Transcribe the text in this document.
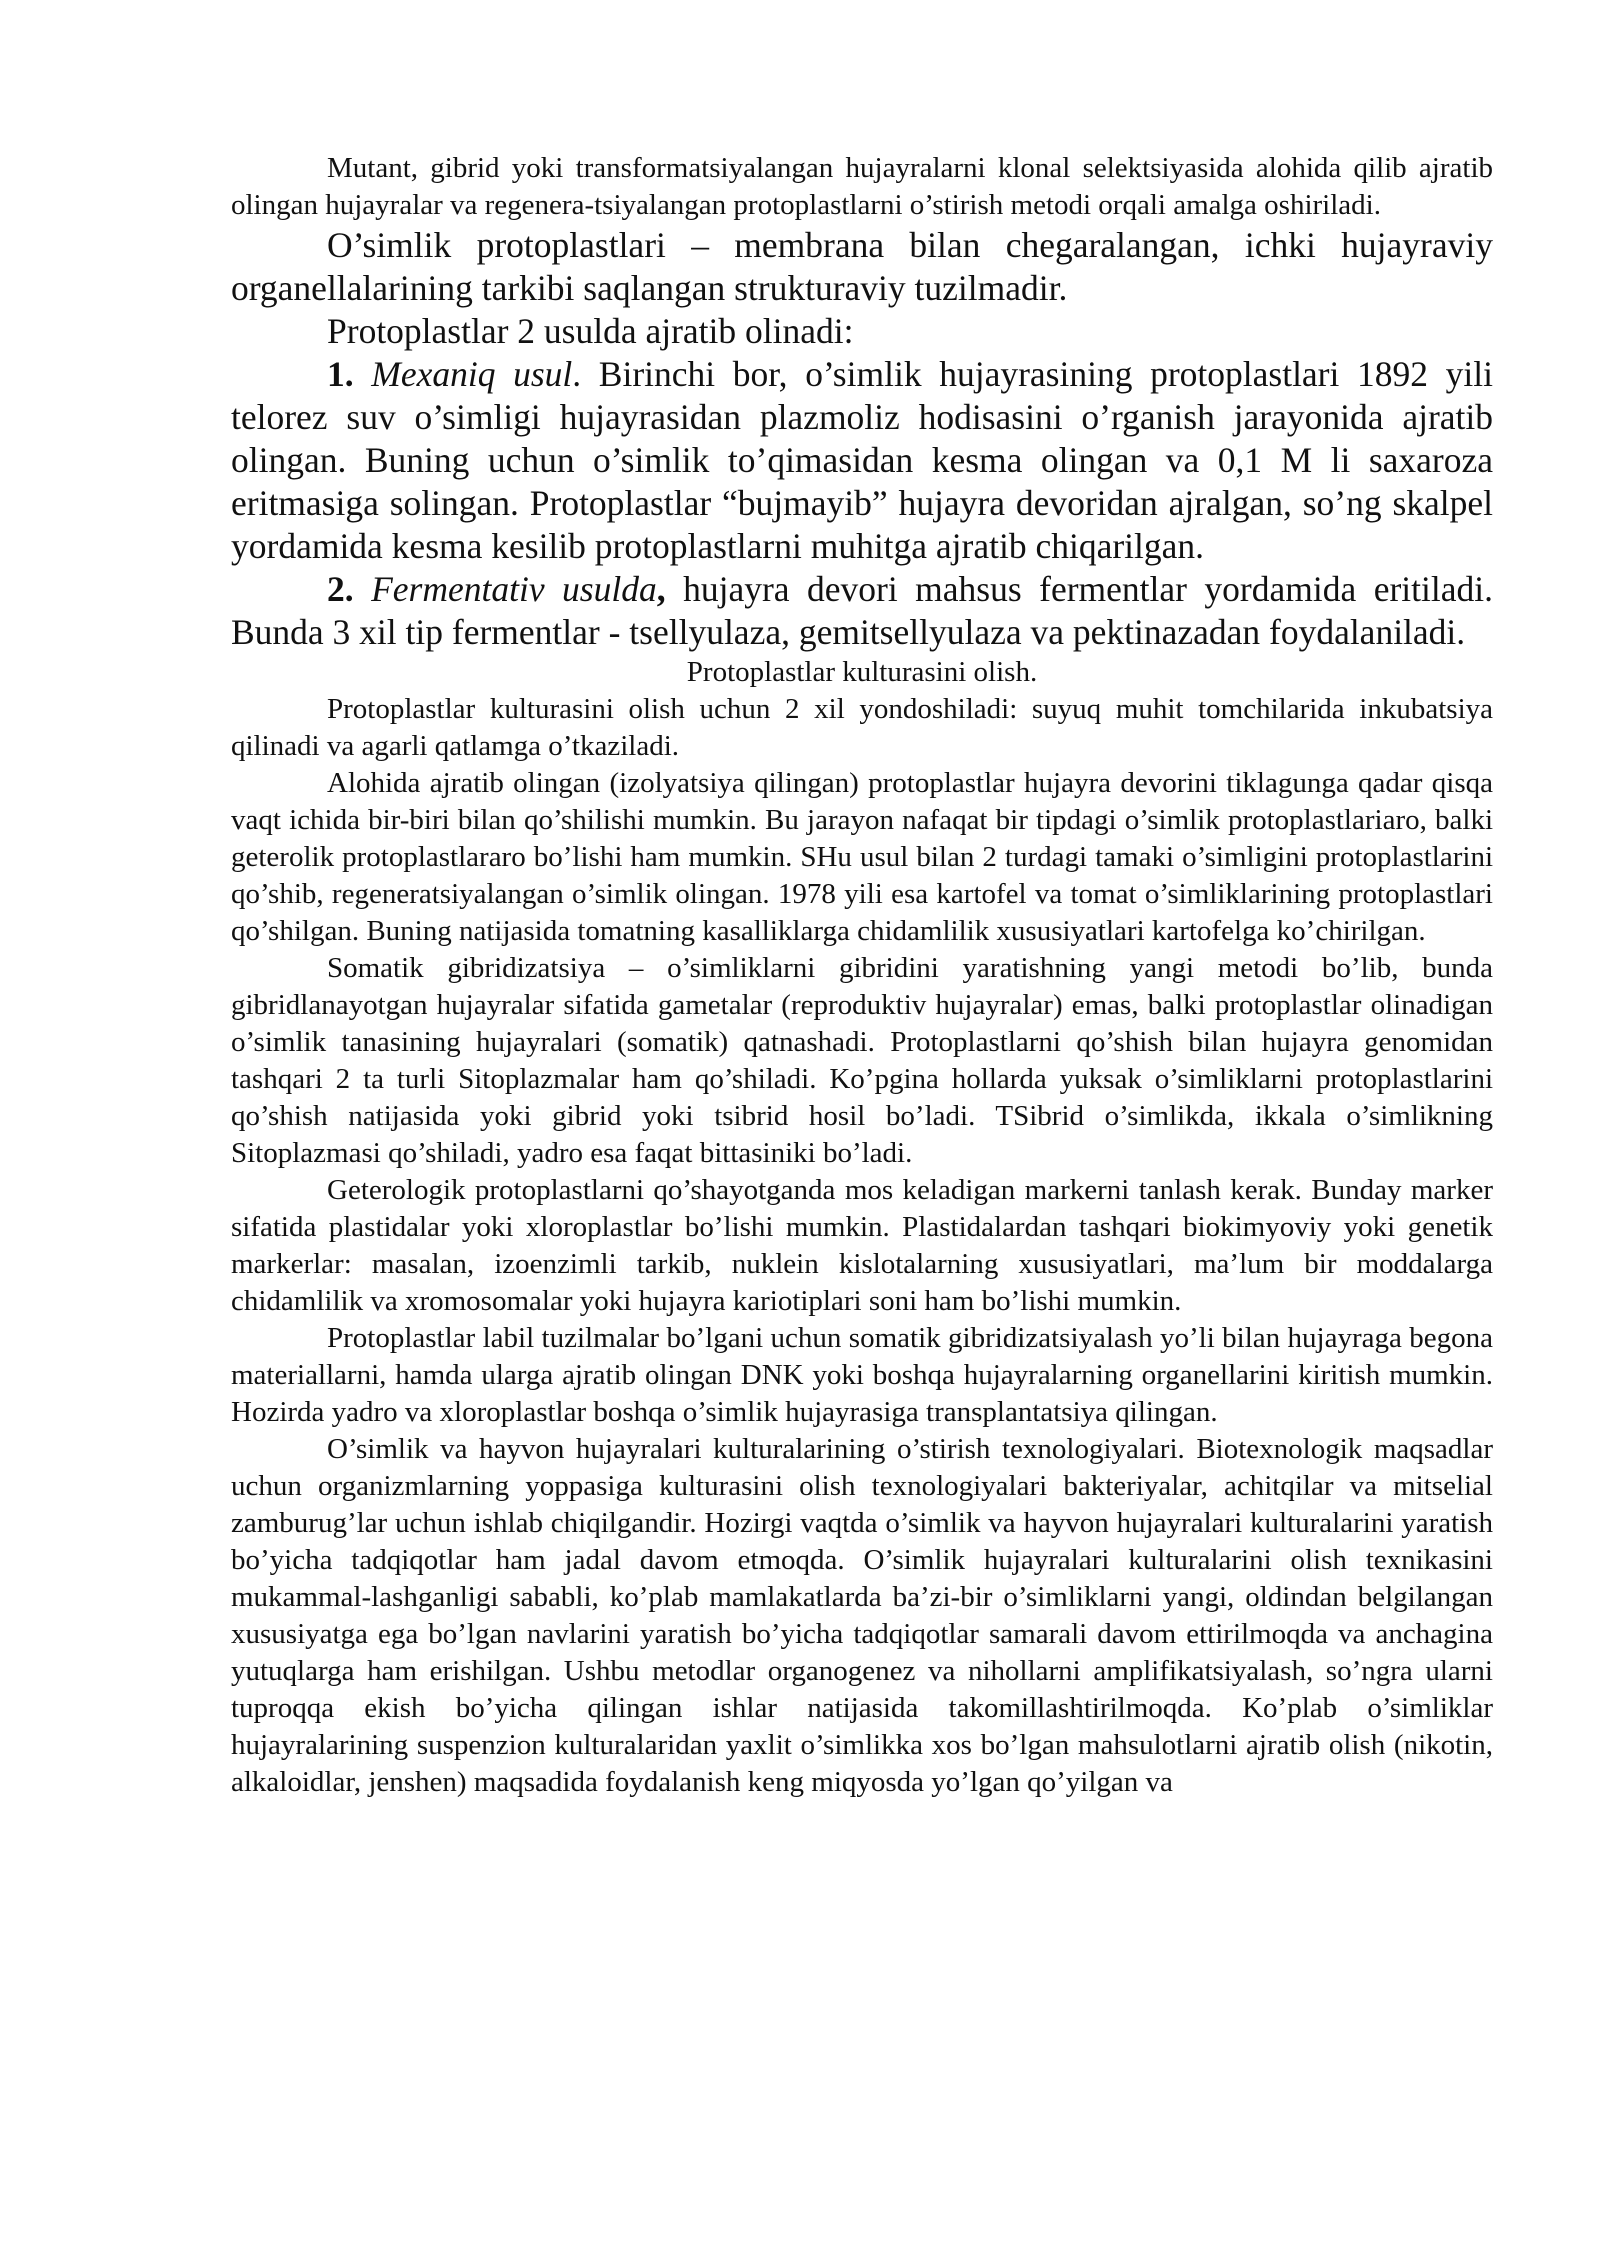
Mutant, gibrid yoki transformatsiyalangan hujayralarni klonal selektsiyasida alohida qilib ajratib olingan hujayralar va regenera-tsiyalangan protoplastlarni o’stirish metodi orqali amalga oshiriladi.

O’simlik protoplastlari – membrana bilan chegaralangan, ichki hujayraviy organellalarining tarkibi saqlangan strukturaviy tuzilmadir.

Protoplastlar 2 usulda ajratib olinadi:

1. Mexaniq usul. Birinchi bor, o’simlik hujayrasining protoplastlari 1892 yili telorez suv o’simligi hujayrasidan plazmoliz hodisasini o’rganish jarayonida ajratib olingan. Buning uchun o’simlik to’qimasidan kesma olingan va 0,1 M li saxaroza eritmasiga solingan. Protoplastlar “bujmayib” hujayra devoridan ajralgan, so’ng skalpel yordamida kesma kesilib protoplastlarni muhitga ajratib chiqarilgan.

2. Fermentativ usulda, hujayra devori mahsus fermentlar yordamida eritiladi. Bunda 3 xil tip fermentlar - tsellyulaza, gemitsellyulaza va pektinazadan foydalaniladi.

Protoplastlar kulturasini olish.

Protoplastlar kulturasini olish uchun 2 xil yondoshiladi: suyuq muhit tomchilarida inkubatsiya qilinadi va agarli qatlamga o’tkaziladi.

Alohida ajratib olingan (izolyatsiya qilingan) protoplastlar hujayra devorini tiklagunga qadar qisqa vaqt ichida bir-biri bilan qo’shilishi mumkin. Bu jarayon nafaqat bir tipdagi o’simlik protoplastlariaro, balki geterolik protoplastlararo bo’lishi ham mumkin. SHu usul bilan 2 turdagi tamaki o’simligini protoplastlarini qo’shib, regeneratsiyalangan o’simlik olingan. 1978 yili esa kartofel va tomat o’simliklarining protoplastlari qo’shilgan. Buning natijasida tomatning kasalliklarga chidamlilik xususiyatlari kartofelga ko’chirilgan.

Somatik gibridizatsiya – o’simliklarni gibridini yaratishning yangi metodi bo’lib, bunda gibridlanayotgan hujayralar sifatida gametalar (reproduktiv hujayralar) emas, balki protoplastlar olinadigan o’simlik tanasining hujayralari (somatik) qatnashadi. Protoplastlarni qo’shish bilan hujayra genomidan tashqari 2 ta turli Sitoplazmalar ham qo’shiladi. Ko’pgina hollarda yuksak o’simliklarni protoplastlarini qo’shish natijasida yoki gibrid yoki tsibrid hosil bo’ladi. TSibrid o’simlikda, ikkala o’simlikning Sitoplazmasi qo’shiladi, yadro esa faqat bittasiniki bo’ladi.

Geterologik protoplastlarni qo’shayotganda mos keladigan markerni tanlash kerak. Bunday marker sifatida plastidalar yoki xloroplastlar bo’lishi mumkin. Plastidalardan tashqari biokimyoviy yoki genetik markerlar: masalan, izoenzimli tarkib, nuklein kislotalarning xususiyatlari, ma’lum bir moddalarga chidamlilik va xromosomalar yoki hujayra kariotiplari soni ham bo’lishi mumkin.

Protoplastlar labil tuzilmalar bo’lgani uchun somatik gibridizatsiyalash yo’li bilan hujayraga begona materiallarni, hamda ularga ajratib olingan DNK yoki boshqa hujayralarning organellarini kiritish mumkin. Hozirda yadro va xloroplastlar boshqa o’simlik hujayrasiga transplantatsiya qilingan.

O’simlik va hayvon hujayralari kulturalarining o’stirish texnologiyalari. Biotexnologik maqsadlar uchun organizmlarning yoppasiga kulturasini olish texnologiyalari bakteriyalar, achitqilar va mitselial zamburug’lar uchun ishlab chiqilgandir. Hozirgi vaqtda o’simlik va hayvon hujayralari kulturalarini yaratish bo’yicha tadqiqotlar ham jadal davom etmoqda. O’simlik hujayralari kulturalarini olish texnikasini mukammal-lashganligi sababli, ko’plab mamlakatlarda ba’zi-bir o’simliklarni yangi, oldindan belgilangan xususiyatga ega bo’lgan navlarini yaratish bo’yicha tadqiqotlar samarali davom ettirilmoqda va anchagina yutuqlarga ham erishilgan. Ushbu metodlar organogenez va nihollarni amplifikatsiyalash, so’ngra ularni tuproqqa ekish bo’yicha qilingan ishlar natijasida takomillashtirilmoqda. Ko’plab o’simliklar hujayralarining suspenzion kulturalaridan yaxlit o’simlikka xos bo’lgan mahsulotlarni ajratib olish (nikotin, alkaloidlar, jenshen) maqsadida foydalanish keng miqyosda yo’lgan qo’yilgan va
